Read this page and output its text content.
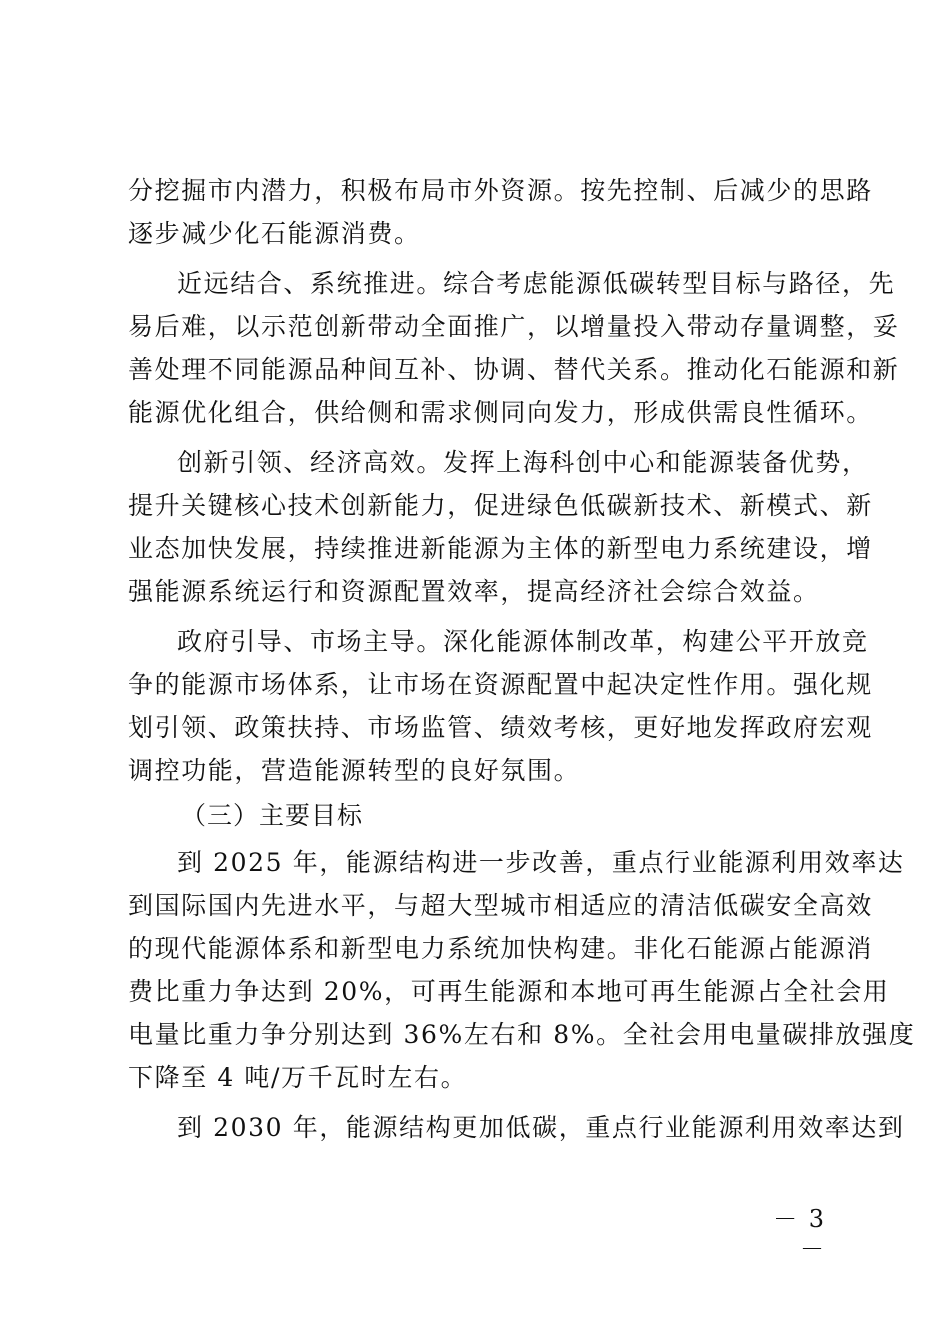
分挖掘市内潜力，积极布局市外资源。按先控制、后减少的思路
逐步减少化石能源消费。
近远结合、系统推进。综合考虑能源低碳转型目标与路径，先
易后难，以示范创新带动全面推广，以增量投入带动存量调整，妥
善处理不同能源品种间互补、协调、替代关系。推动化石能源和新
能源优化组合，供给侧和需求侧同向发力，形成供需良性循环。
创新引领、经济高效。发挥上海科创中心和能源装备优势，
提升关键核心技术创新能力，促进绿色低碳新技术、新模式、新
业态加快发展，持续推进新能源为主体的新型电力系统建设，增
强能源系统运行和资源配置效率，提高经济社会综合效益。
政府引导、市场主导。深化能源体制改革，构建公平开放竞
争的能源市场体系，让市场在资源配置中起决定性作用。强化规
划引领、政策扶持、市场监管、绩效考核，更好地发挥政府宏观
调控功能，营造能源转型的良好氛围。
（三）主要目标
到 2025 年，能源结构进一步改善，重点行业能源利用效率达
到国际国内先进水平，与超大型城市相适应的清洁低碳安全高效
的现代能源体系和新型电力系统加快构建。非化石能源占能源消
费比重力争达到 20%，可再生能源和本地可再生能源占全社会用
电量比重力争分别达到 36%左右和 8%。全社会用电量碳排放强度
下降至 4 吨/万千瓦时左右。
到 2030 年，能源结构更加低碳，重点行业能源利用效率达到
－ 3 －
